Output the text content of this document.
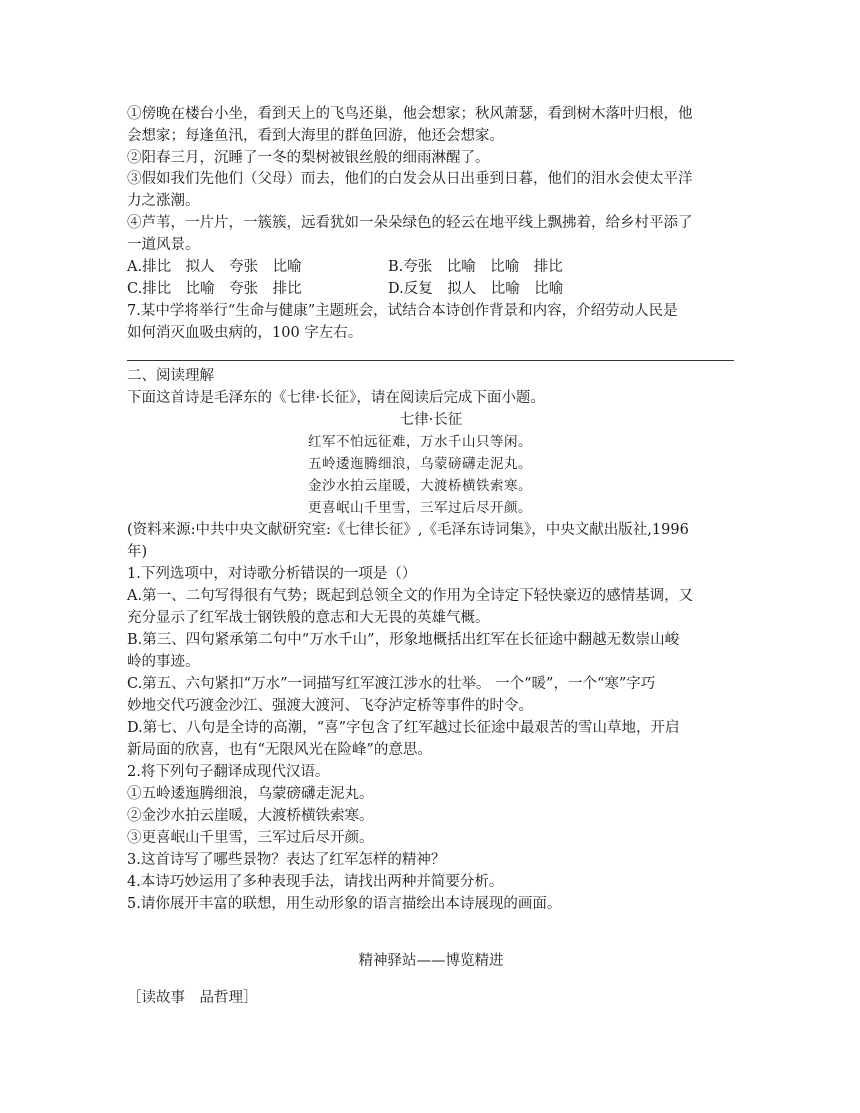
①傍晚在楼台小坐，看到天上的飞鸟还巢，他会想家；秋风萧瑟，看到树木落叶归根，他
会想家；每逢鱼汛，看到大海里的群鱼回游，他还会想家。
②阳春三月，沉睡了一冬的梨树被银丝般的细雨淋醒了。
③假如我们先他们（父母）而去，他们的白发会从日出垂到日暮，他们的泪水会使太平洋
力之涨潮。
④芦苇，一片片，一簇簇，远看犹如一朵朵绿色的轻云在地平线上飘拂着，给乡村平添了
一道风景。
A.排比　拟人　夸张　比喻	B.夸张　比喻　比喻　排比
C.排比　比喻　夸张　排比	D.反复　拟人　比喻　比喻
7.某中学将举行“生命与健康”主题班会，试结合本诗创作背景和内容，介绍劳动人民是
如何消灭血吸虫病的，100 字左右。
二、阅读理解
下面这首诗是毛泽东的《七律·长征》，请在阅读后完成下面小题。
七律·长征
红军不怕远征难，万水千山只等闲。
五岭逶迤腾细浪，乌蒙磅礴走泥丸。
金沙水拍云崖暖，大渡桥横铁索寒。
更喜岷山千里雪，三军过后尽开颜。
(资料来源:中共中央文献研究室:《七律长征》,《毛泽东诗词集》，中央文献出版社,1996
年)
1.下列选项中，对诗歌分析错误的一项是（）
A.第一、二句写得很有气势；既起到总领全文的作用为全诗定下轻快豪迈的感情基调，又
充分显示了红军战士钢铁般的意志和大无畏的英雄气概。
B.第三、四句紧承第二句中“万水千山”，形象地概括出红军在长征途中翻越无数崇山峻
岭的事迹。
C.第五、六句紧扣“万水”一词描写红军渡江涉水的壮举。 一个“暖”，一个“寒”字巧
妙地交代巧渡金沙江、强渡大渡河、飞夺泸定桥等事件的时令。
D.第七、八句是全诗的高潮，“喜”字包含了红军越过长征途中最艰苦的雪山草地，开启
新局面的欣喜，也有“无限风光在险峰”的意思。
2.将下列句子翻译成现代汉语。
①五岭逶迤腾细浪，乌蒙磅礴走泥丸。
②金沙水拍云崖暖，大渡桥横铁索寒。
③更喜岷山千里雪，三军过后尽开颜。
3.这首诗写了哪些景物？表达了红军怎样的精神？
4.本诗巧妙运用了多种表现手法，请找出两种并简要分析。
5.请你展开丰富的联想，用生动形象的语言描绘出本诗展现的画面。
精神驿站——博览精进
［读故事　品哲理］
